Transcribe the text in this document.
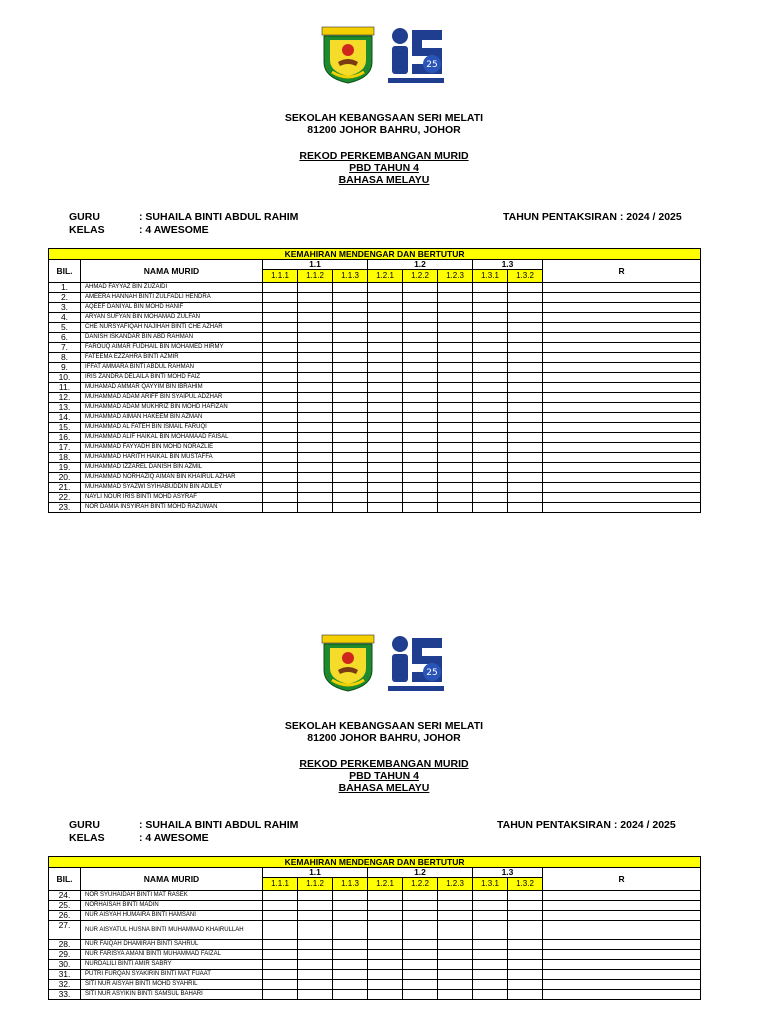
25
SEKOLAH KEBANGSAAN SERI MELATI
81200 JOHOR BAHRU, JOHOR
REKOD PERKEMBANGAN MURID
PBD TAHUN 4
BAHASA MELAYU
GURU	: SUHAILA BINTI ABDUL RAHIM
KELAS	: 4 AWESOME
TAHUN PENTAKSIRAN : 2024 / 2025
KEMAHIRAN MENDENGAR DAN BERTUTUR										
BIL.	NAMA MURID	1.1			1.2			1.3		R
		1.1.1	1.1.2	1.1.3	1.2.1	1.2.2	1.2.3	1.3.1	1.3.2	
1.	AHMAD FAYYAZ BIN ZUZAIDI									
2.	AMEERA HANNAH BINTI ZULFADLI HENDRA									
3.	AQEEF DANIYAL BIN MOHD HANIF									
4.	ARYAN SUFYAN BIN MOHAMAD ZULFAN									
5.	CHE NURSYAFIQAH NAJIHAH BINTI CHE AZHAR									
6.	DANISH ISKANDAR BIN ABD RAHMAN									
7.	FAROUQ AIMAR FUDHAIL BIN MOHAMED HIRMY									
8.	FATEEMA EZZAHRA BINTI AZMIR									
9.	IFFAT AMMARA BINTI ABDUL RAHMAN									
10.	IRIS ZANDRA DELAILA BINTI MOHD FAIZ									
11.	MUHAMAD AMMAR QAYYIM BIN IBRAHIM									
12.	MUHAMMAD ADAM ARIFF BIN SYAIPUL ADZHAR									
13.	MUHAMMAD ADAM MUKHRIZ BIN MOHD HAFIZAN									
14.	MUHAMMAD AIMAN HAKEEM BIN AZMAN									
15.	MUHAMMAD AL FATEH BIN ISMAIL FARUQI									
16.	MUHAMMAD ALIF HAIKAL BIN MOHAMAAD FAISAL									
17.	MUHAMMAD FAYYADH BIN MOHD NORAZLIE									
18.	MUHAMMAD HARITH HAIKAL BIN MUSTAFFA									
19.	MUHAMMAD IZZAREL DANISH BIN AZMIL									
20.	MUHAMMAD NORHAZIQ AIMAN BIN KHAIRUL AZHAR									
21.	MUHAMMAD SYAZWI SYIHABUDDIN BIN ADILEY									
22.	NAYLI NOUR IRIS BINTI MOHD ASYRAF									
23.	NOR DAMIA INSYIRAH BINTI MOHD RAZUWAN									
25
SEKOLAH KEBANGSAAN SERI MELATI
81200 JOHOR BAHRU, JOHOR
REKOD PERKEMBANGAN MURID
PBD TAHUN 4
BAHASA MELAYU
GURU	: SUHAILA BINTI ABDUL RAHIM
KELAS	: 4 AWESOME
TAHUN PENTAKSIRAN : 2024 / 2025
KEMAHIRAN MENDENGAR DAN BERTUTUR										
BIL.	NAMA MURID	1.1			1.2			1.3		R
		1.1.1	1.1.2	1.1.3	1.2.1	1.2.2	1.2.3	1.3.1	1.3.2	
24.	NOR SYUHAIDAH BINTI MAT RASEK									
25.	NORHAISAH BINTI MADIN									
26.	NUR AISYAH HUMAIRA BINTI HAMSANI									
27.	NUR AISYATUL HUSNA BINTI MUHAMMAD KHAIRULLAH									
28.	NUR FAIQAH DHAMIRAH BINTI SAHRUL									
29.	NUR FARISYA AMANI BINTI MUHAMMAD FAIZAL									
30.	NURDALILI BINTI AMIR SABRY									
31.	PUTRI FURQAN SYAKIRIN BINTI MAT FUAAT									
32.	SITI NUR AISYAH BINTI MOHD SYAHRIL									
33.	SITI NUR ASYIKIN BINTI SAMSUL BAHARI									
